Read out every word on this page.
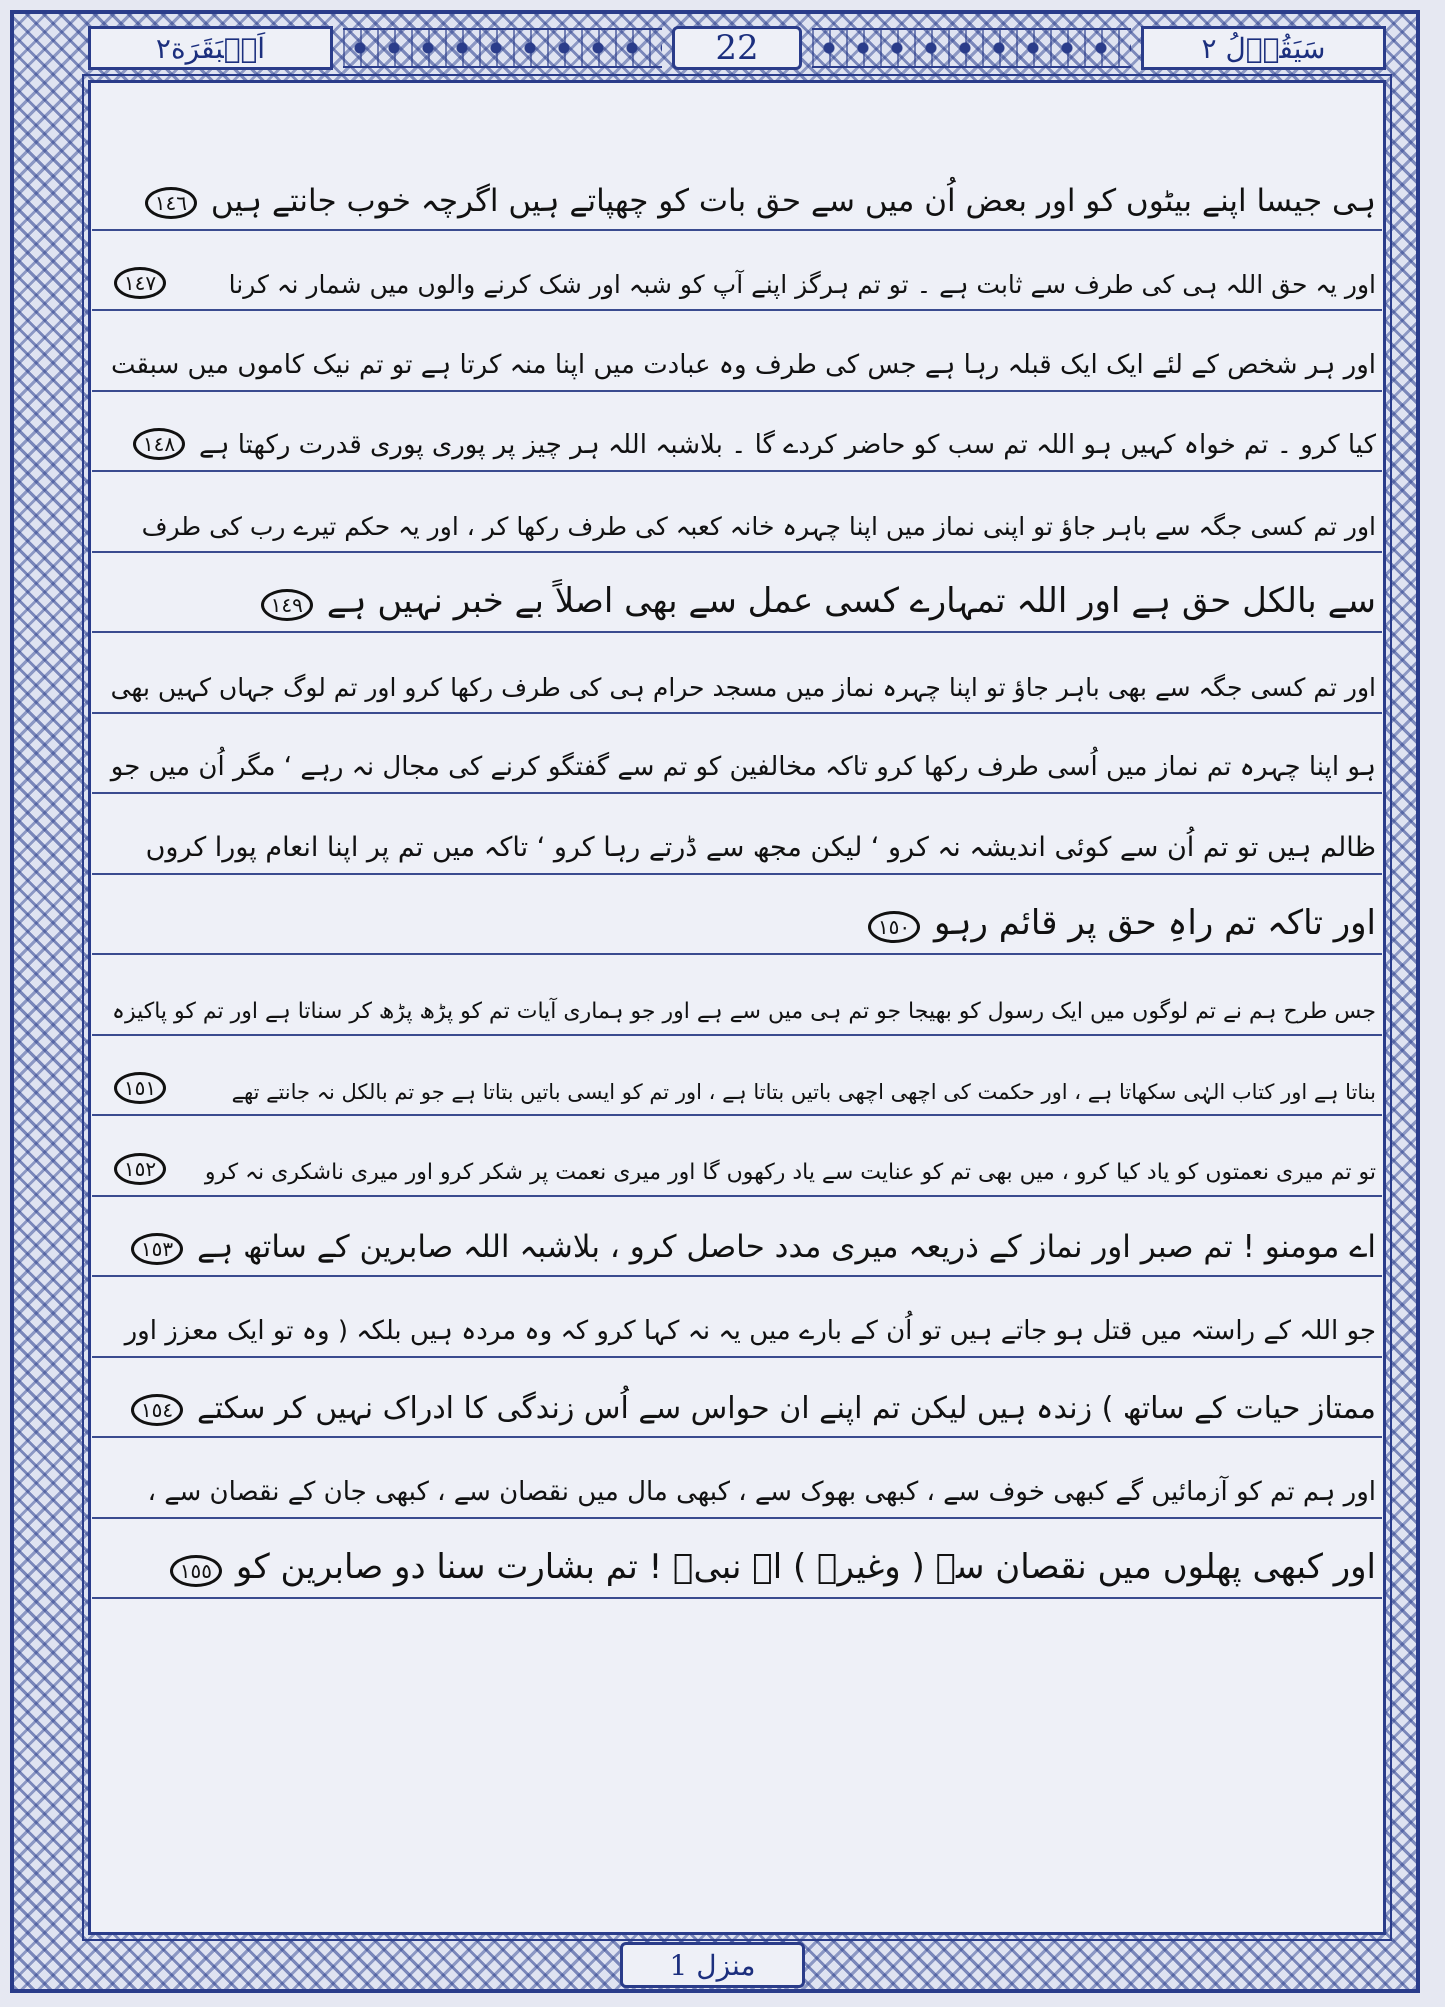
اَلۡبَقَرَة٢	22	سَيَقُوۡلُ ٢
ہی جیسا اپنے بیٹوں کو اور بعض اُن میں سے حق بات کو چھپاتے ہیں اگرچہ خوب جانتے ہیں
١٤٦
اور یہ حق اللہ ہی کی طرف سے ثابت ہے ۔ تو تم ہرگز اپنے آپ کو شبہ اور شک کرنے والوں میں شمار نہ کرنا
١٤٧
اور ہر شخص کے لئے ایک ایک قبلہ رہا ہے جس کی طرف وہ عبادت میں اپنا منہ کرتا ہے تو تم نیک کاموں میں سبقت
کیا کرو ۔ تم خواہ کہیں ہو اللہ تم سب کو حاضر کردے گا ۔ بلاشبہ اللہ ہر چیز پر پوری پوری قدرت رکھتا ہے
١٤٨
اور تم کسی جگہ سے باہر جاؤ تو اپنی نماز میں اپنا چہرہ خانہ کعبہ کی طرف رکھا کر ، اور یہ حکم تیرے رب کی طرف
سے بالکل حق ہے اور اللہ تمہارے کسی عمل سے بھی اصلاً بے خبر نہیں ہے
١٤٩
اور تم کسی جگہ سے بھی باہر جاؤ تو اپنا چہرہ نماز میں مسجد حرام ہی کی طرف رکھا کرو اور تم لوگ جہاں کہیں بھی
ہو اپنا چہرہ تم نماز میں اُسی طرف رکھا کرو تاکہ مخالفین کو تم سے گفتگو کرنے کی مجال نہ رہے ‘ مگر اُن میں جو
ظالم ہیں تو تم اُن سے کوئی اندیشہ نہ کرو ‘ لیکن مجھ سے ڈرتے رہا کرو ‘ تاکہ میں تم پر اپنا انعام پورا کروں
اور تاکہ تم راہِ حق پر قائم رہو
١٥٠
جس طرح ہم نے تم لوگوں میں ایک رسول کو بھیجا جو تم ہی میں سے ہے اور جو ہماری آیات تم کو پڑھ پڑھ کر سناتا ہے اور تم کو پاکیزہ
بناتا ہے اور کتاب الہٰی سکھاتا ہے ، اور حکمت کی اچھی اچھی باتیں بتاتا ہے ، اور تم کو ایسی باتیں بتاتا ہے جو تم بالکل نہ جانتے تھے
١٥١
تو تم میری نعمتوں کو یاد کیا کرو ، میں بھی تم کو عنایت سے یاد رکھوں گا اور میری نعمت پر شکر کرو اور میری ناشکری نہ کرو
١٥٢
اے مومنو ! تم صبر اور نماز کے ذریعہ میری مدد حاصل کرو ، بلاشبہ اللہ صابرین کے ساتھ ہے
١٥٣
جو اللہ کے راستہ میں قتل ہو جاتے ہیں تو اُن کے بارے میں یہ نہ کہا کرو کہ وہ مردہ ہیں بلکہ ( وہ تو ایک معزز اور
ممتاز حیات کے ساتھ ) زندہ ہیں لیکن تم اپنے ان حواس سے اُس زندگی کا ادراک نہیں کر سکتے
١٥٤
اور ہم تم کو آزمائیں گے کبھی خوف سے ، کبھی بھوک سے ، کبھی مال میں نقصان سے ، کبھی جان کے نقصان سے ،
اور کبھی پھلوں میں نقصان سے ( وغیرہ ) اے نبیؐ ! تم بشارت سنا دو صابرین کو
١٥٥
منزل 1
